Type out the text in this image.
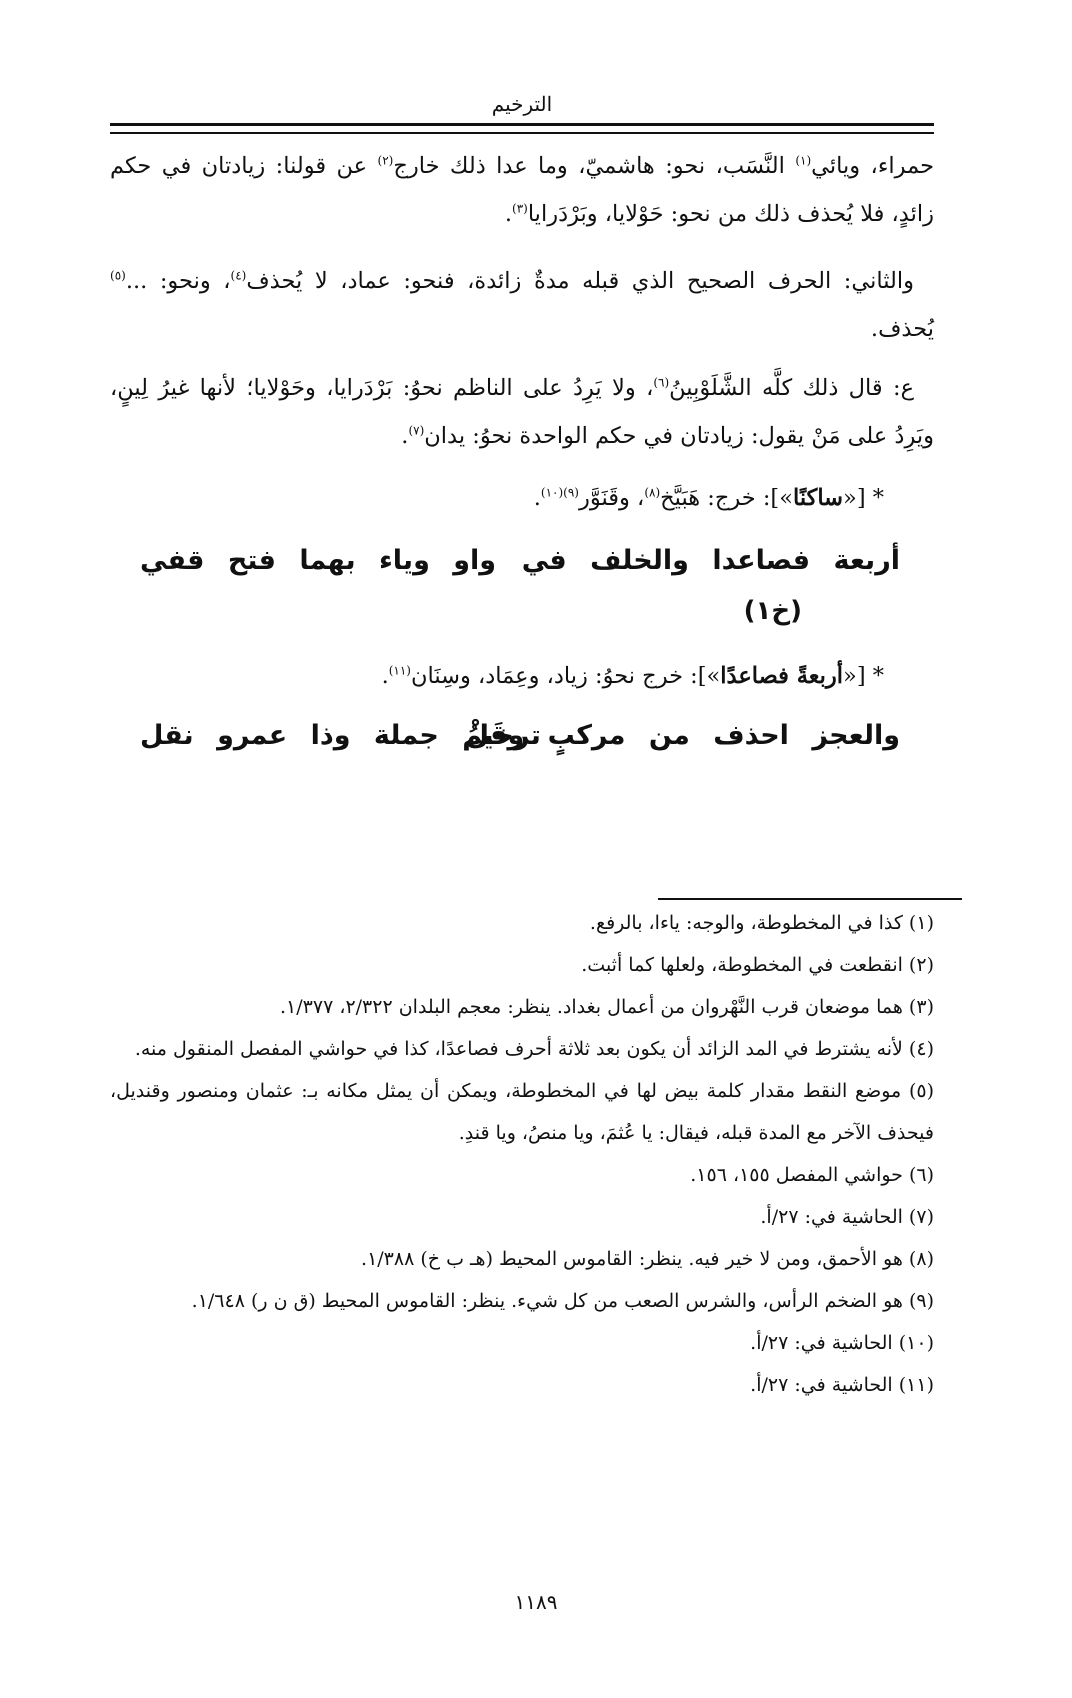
الترخيم

حمراء، ويائي$^{(١)}$ النَّسَب، نحو: هاشميّ، وما عدا ذلك خارج$^{(٢)}$ عن قولنا: زيادتان في حكم زائدٍ، فلا يُحذف ذلك من نحو: حَوْلايا، وبَرْدَرايا$^{(٣)}$.

والثاني: الحرف الصحيح الذي قبله مدةٌ زائدة، فنحو: عماد، لا يُحذف$^{(٤)}$، ونحو: ...$^{(٥)}$ يُحذف.

ع: قال ذلك كلَّه الشَّلَوْبِينُ$^{(٦)}$، ولا يَرِدُ على الناظم نحوُ: بَرْدَرايا، وحَوْلايا؛ لأنها غيرُ لِينٍ، ويَرِدُ على مَنْ يقول: زيادتان في حكم الواحدة نحوُ: يدان$^{(٧)}$.

* [«ساكنًا»]: خرج: هَبَيَّخ$^{(٨)}$، وقَنَوَّر$^{(٩)(١٠)}$.

أربعة فصاعدا والخلف في
واو وياء بهما فتح قفي
(خ١)

* [«أربعةً فصاعدًا»]: خرج نحوُ: زياد، وعِمَاد، وسِنَان$^{(١١)}$.

والعجز احذف من مركبٍ وقَلْ
ترخيمُ جملة وذا عمرو نقل

(١) كذا في المخطوطة، والوجه: ياءا، بالرفع.

(٢) انقطعت في المخطوطة، ولعلها كما أثبت.

(٣) هما موضعان قرب النَّهْروان من أعمال بغداد. ينظر: معجم البلدان ٢/٣٢٢، ١/٣٧٧.

(٤) لأنه يشترط في المد الزائد أن يكون بعد ثلاثة أحرف فصاعدًا، كذا في حواشي المفصل المنقول منه.

(٥) موضع النقط مقدار كلمة بيض لها في المخطوطة، ويمكن أن يمثل مكانه بـ: عثمان ومنصور وقنديل، فيحذف الآخر مع المدة قبله، فيقال: يا عُثمَ، ويا منصُ، ويا قندِ.

(٦) حواشي المفصل ١٥٥، ١٥٦.

(٧) الحاشية في: ٢٧/أ.

(٨) هو الأحمق، ومن لا خير فيه. ينظر: القاموس المحيط (هـ ب خ) ١/٣٨٨.

(٩) هو الضخم الرأس، والشرس الصعب من كل شيء. ينظر: القاموس المحيط (ق ن ر) ١/٦٤٨.

(١٠) الحاشية في: ٢٧/أ.

(١١) الحاشية في: ٢٧/أ.

١١٨٩
